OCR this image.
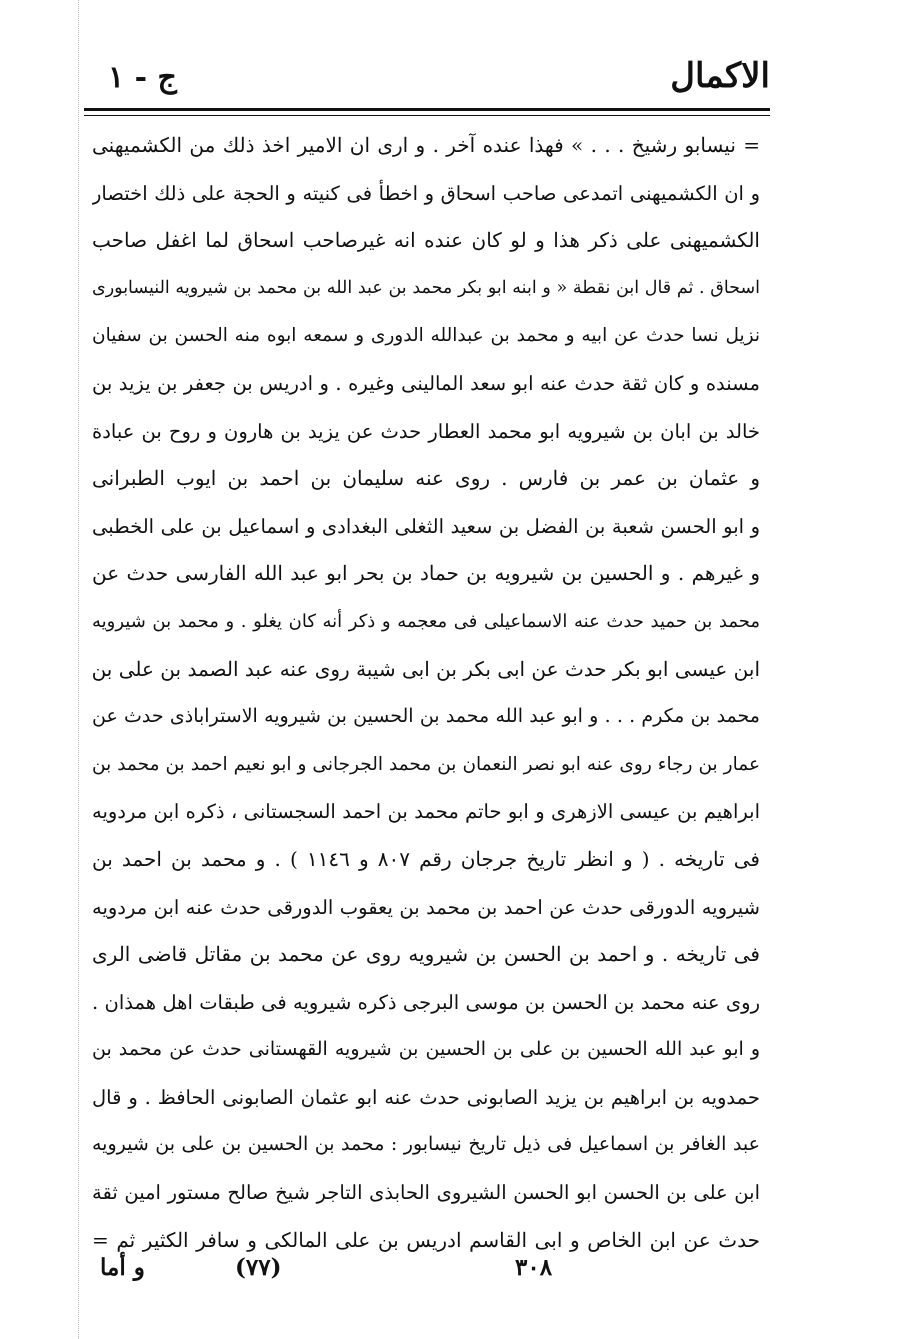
الاكمال
ج - ١
= نيسابو رشيخ . . . » فهذا عنده آخر . و ارى ان الامير اخذ ذلك من الكشميهنى
و ان الكشميهنى اتمدعى صاحب اسحاق و اخطأ فى كنيته و الحجة على ذلك اختصار
الكشميهنى على ذكر هذا و لو كان عنده انه غيرصاحب اسحاق لما اغفل صاحب
اسحاق . ثم قال ابن نقطة « و ابنه ابو بكر محمد بن عبد الله بن محمد بن شيرويه النيسابورى
نزيل نسا حدث عن ابيه و محمد بن عبدالله الدورى و سمعه ابوه منه الحسن بن سفيان
مسنده و كان ثقة حدث عنه ابو سعد المالينى وغيره . و ادريس بن جعفر بن يزيد بن
خالد بن ابان بن شيرويه ابو محمد العطار حدث عن يزيد بن هارون و روح بن عبادة
و عثمان بن عمر بن فارس . روى عنه سليمان بن احمد بن ايوب الطبرانى
و ابو الحسن شعبة بن الفضل بن سعيد الثغلى البغدادى و اسماعيل بن على الخطبى
و غيرهم . و الحسين بن شيرويه بن حماد بن بحر ابو عبد الله الفارسى حدث عن
محمد بن حميد حدث عنه الاسماعيلى فى معجمه و ذكر أنه كان يغلو . و محمد بن شيرويه
ابن عيسى ابو بكر حدث عن ابى بكر بن ابى شيبة روى عنه عبد الصمد بن على بن
محمد بن مكرم . . . و ابو عبد الله محمد بن الحسين بن شيرويه الاستراباذى حدث عن
عمار بن رجاء روى عنه ابو نصر النعمان بن محمد الجرجانى و ابو نعيم احمد بن محمد بن
ابراهيم بن عيسى الازهرى و ابو حاتم محمد بن احمد السجستانى ، ذكره ابن مردويه
فى تاريخه . ( و انظر تاريخ جرجان رقم ٨٠٧ و ١١٤٦ ) . و محمد بن احمد بن
شيرويه الدورقى حدث عن احمد بن محمد بن يعقوب الدورقى حدث عنه ابن مردويه
فى تاريخه . و احمد بن الحسن بن شيرويه روى عن محمد بن مقاتل قاضى الرى
روى عنه محمد بن الحسن بن موسى البرجى ذكره شيرويه فى طبقات اهل همذان .
و ابو عبد الله الحسين بن على بن الحسين بن شيرويه القهستانى حدث عن محمد بن
حمدويه بن ابراهيم بن يزيد الصابونى حدث عنه ابو عثمان الصابونى الحافظ . و قال
عبد الغافر بن اسماعيل فى ذيل تاريخ نيسابور : محمد بن الحسين بن على بن شيرويه
ابن على بن الحسن ابو الحسن الشيروى الحابذى التاجر شيخ صالح مستور امين ثقة
حدث عن ابن الخاص و ابى القاسم ادريس بن على المالكى و سافر الكثير ثم =
و أما	(٧٧)	٣٠٨
